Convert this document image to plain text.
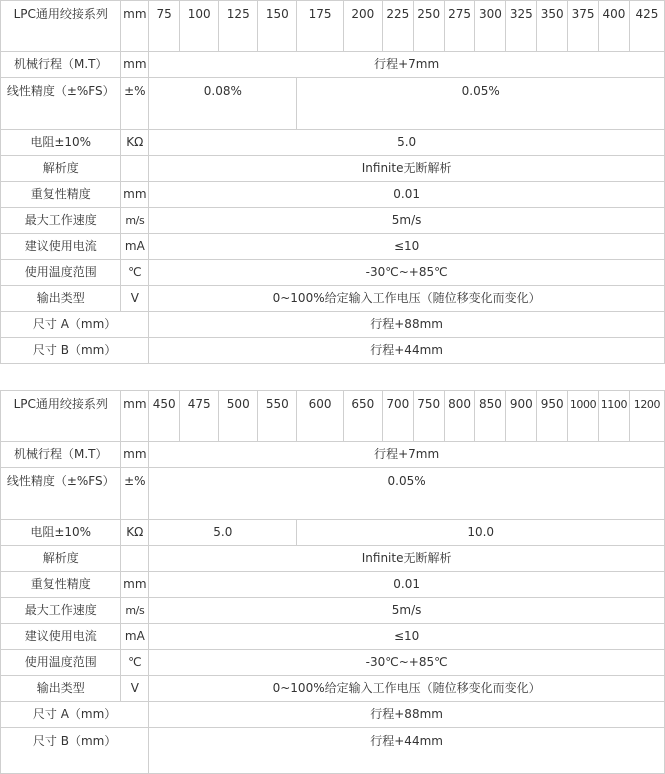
LPC通用绞接系列	mm	75	100	125	150	175	200	225	250	275	300	325	350	375	400	425
机械行程（M.T）	mm	行程+7mm														
线性精度（±%FS）	±%	0.08%				0.05%										
电阻±10%	KΩ	5.0														
解析度		Infinite无断解析														
重复性精度	mm	0.01														
最大工作速度	m/s	5m/s														
建议使用电流	mA	≤10														
使用温度范围	℃	-30℃~+85℃														
输出类型	V	0~100%给定输入工作电压（随位移变化而变化）														
尺寸 A（mm）		行程+88mm														
尺寸 B（mm）		行程+44mm														

LPC通用绞接系列	mm	450	475	500	550	600	650	700	750	800	850	900	950	1000	1100	1200
机械行程（M.T）	mm	行程+7mm														
线性精度（±%FS）	±%	0.05%														
电阻±10%	KΩ	5.0				10.0										
解析度		Infinite无断解析														
重复性精度	mm	0.01														
最大工作速度	m/s	5m/s														
建议使用电流	mA	≤10														
使用温度范围	℃	-30℃~+85℃														
输出类型	V	0~100%给定输入工作电压（随位移变化而变化）														
尺寸 A（mm）		行程+88mm														
尺寸 B（mm）		行程+44mm														
